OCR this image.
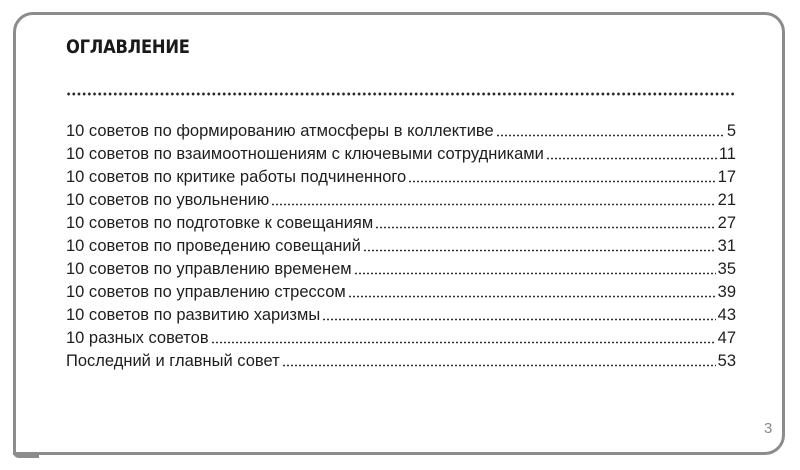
ОГЛАВЛЕНИЕ
10 советов по формированию атмосферы в коллективе	5
10 советов по взаимоотношениям с ключевыми сотрудниками	11
10 советов по критике работы подчиненного	17
10 советов по увольнению	21
10 советов по подготовке к совещаниям	27
10 советов по проведению совещаний	31
10 советов по управлению временем	35
10 советов по управлению стрессом	39
10 советов по развитию харизмы	43
10 разных советов	47
Последний и главный совет	53
3
